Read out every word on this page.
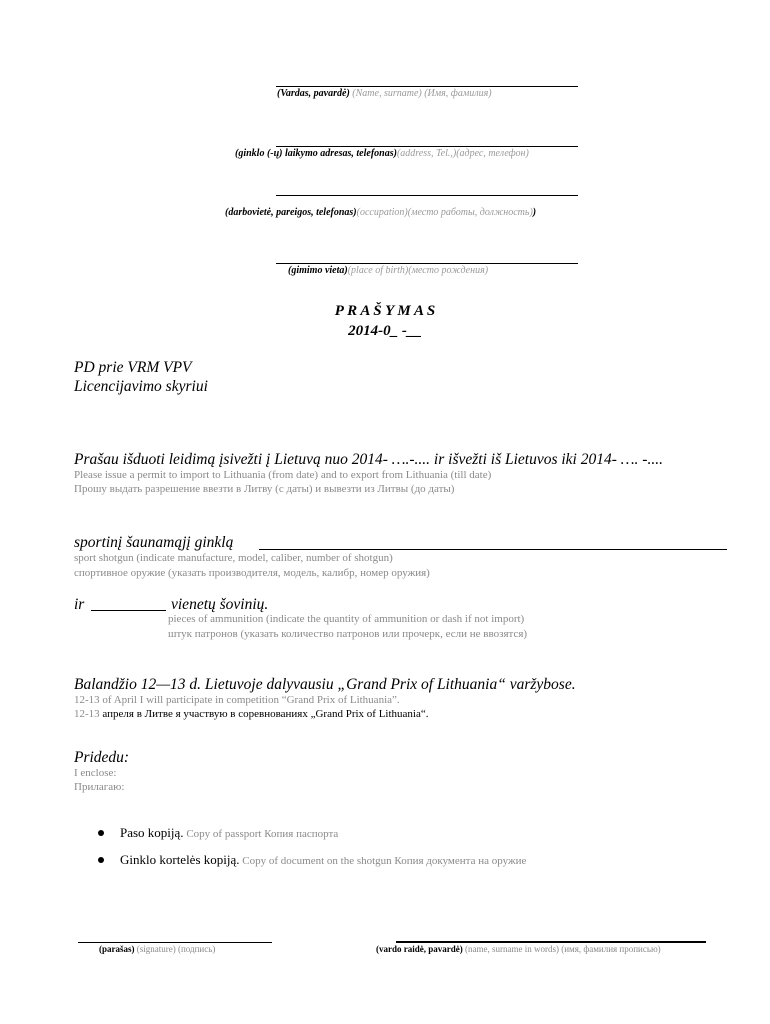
(Vardas, pavardė) (Name, surname) (Имя, фамилия)
(ginklo (-ų) laikymo adresas, telefonas)(address, Tel.,)(адрес, телефон)
(darbovietė, pareigos, telefonas)(occupation)(место работы, должность))
(gimimo vieta)(place of birth)(место рождения)
P R A Š Y M A S
2014-0_ -__
PD prie VRM VPV
Licencijavimo skyriui
Prašau išduoti leidimą įsivežti į Lietuvą nuo 2014- ….-.... ir išvežti iš Lietuvos iki 2014- …. -....
Please issue a permit to import to Lithuania (from date) and to export from Lithuania (till date)
Прошу выдать разрешение ввезти в Литву (с даты) и вывезти из Литвы (до даты)
sportinį šaunamąjį ginklą
sport shotgun (indicate manufacture, model, caliber, number of shotgun)
спортивное оружие (указать производителя, модель, калибр, номер оружия)
ir	vienetų šovinių.
pieces of ammunition (indicate the quantity of ammunition or dash if not import)
штук патронов (указать количество патронов или прочерк, если не ввозятся)
Balandžio 12—13 d. Lietuvoje dalyvausiu „Grand Prix of Lithuania“ varžybose.
12-13 of April I will participate in competition “Grand Prix of Lithuania”.
12-13 апреля в Литве я участвую в соревнованиях „Grand Prix of Lithuania“.
Pridedu:
I enclose:
Прилагаю:
Paso kopiją. Copy of passport Копия паспорта
Ginklo kortelės kopiją. Copy of document on the shotgun Копия документа на оружие
(parašas) (signature) (подпись)	(vardo raidė, pavardė) (name, surname in words) (имя, фамилия прописью)
